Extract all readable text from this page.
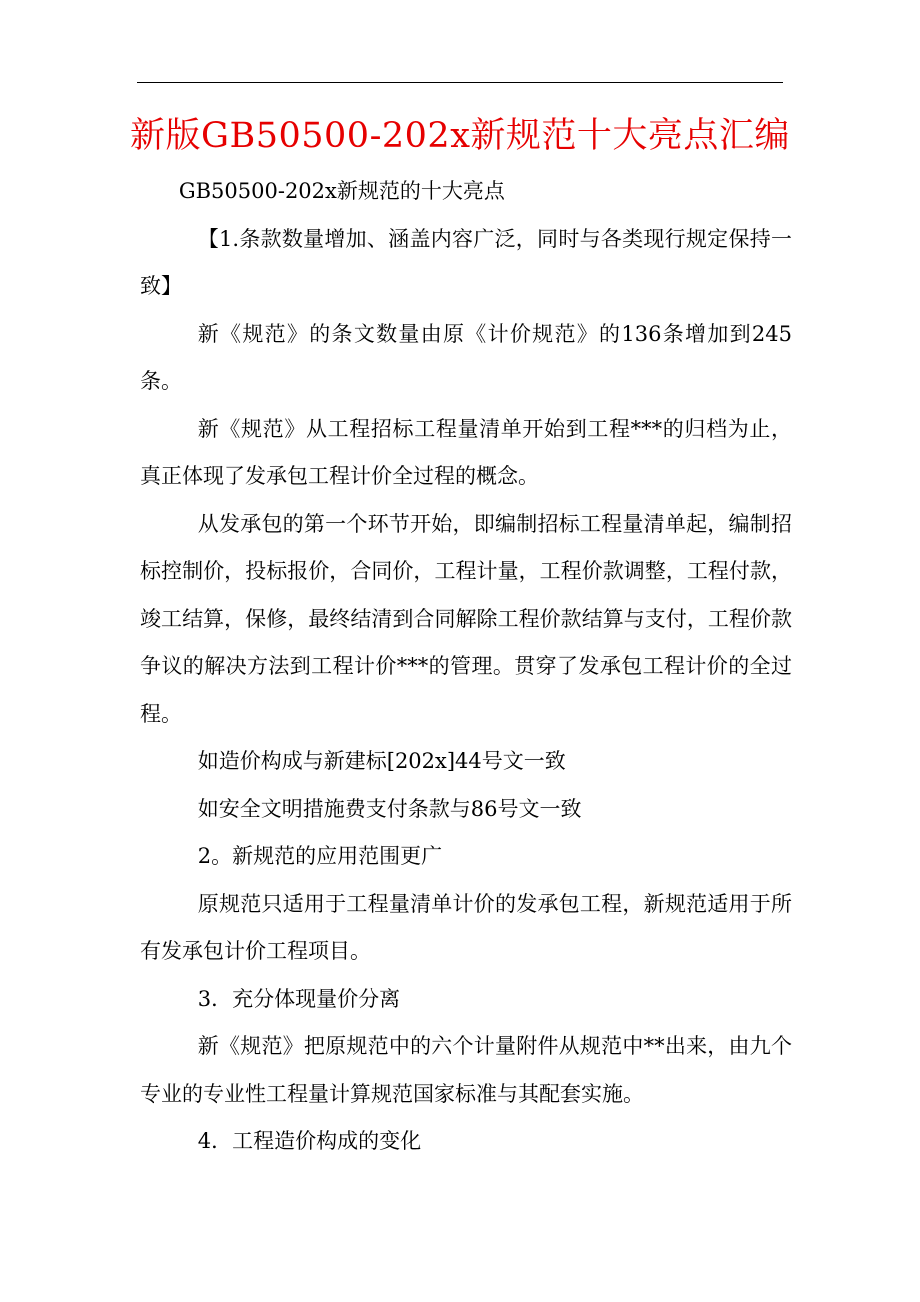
新版GB50500-202x新规范十大亮点汇编

GB50500-202x新规范的十大亮点

【1.条款数量增加、涵盖内容广泛，同时与各类现行规定保持一致】

新《规范》的条文数量由原《计价规范》的136条增加到245条。

新《规范》从工程招标工程量清单开始到工程***的归档为止，真正体现了发承包工程计价全过程的概念。

从发承包的第一个环节开始，即编制招标工程量清单起，编制招标控制价，投标报价，合同价，工程计量，工程价款调整，工程付款，竣工结算，保修，最终结清到合同解除工程价款结算与支付，工程价款争议的解决方法到工程计价***的管理。贯穿了发承包工程计价的全过程。

如造价构成与新建标[202x]44号文一致

如安全文明措施费支付条款与86号文一致

2。新规范的应用范围更广

原规范只适用于工程量清单计价的发承包工程，新规范适用于所有发承包计价工程项目。

3．充分体现量价分离

新《规范》把原规范中的六个计量附件从规范中**出来，由九个专业的专业性工程量计算规范国家标准与其配套实施。

4．工程造价构成的变化
